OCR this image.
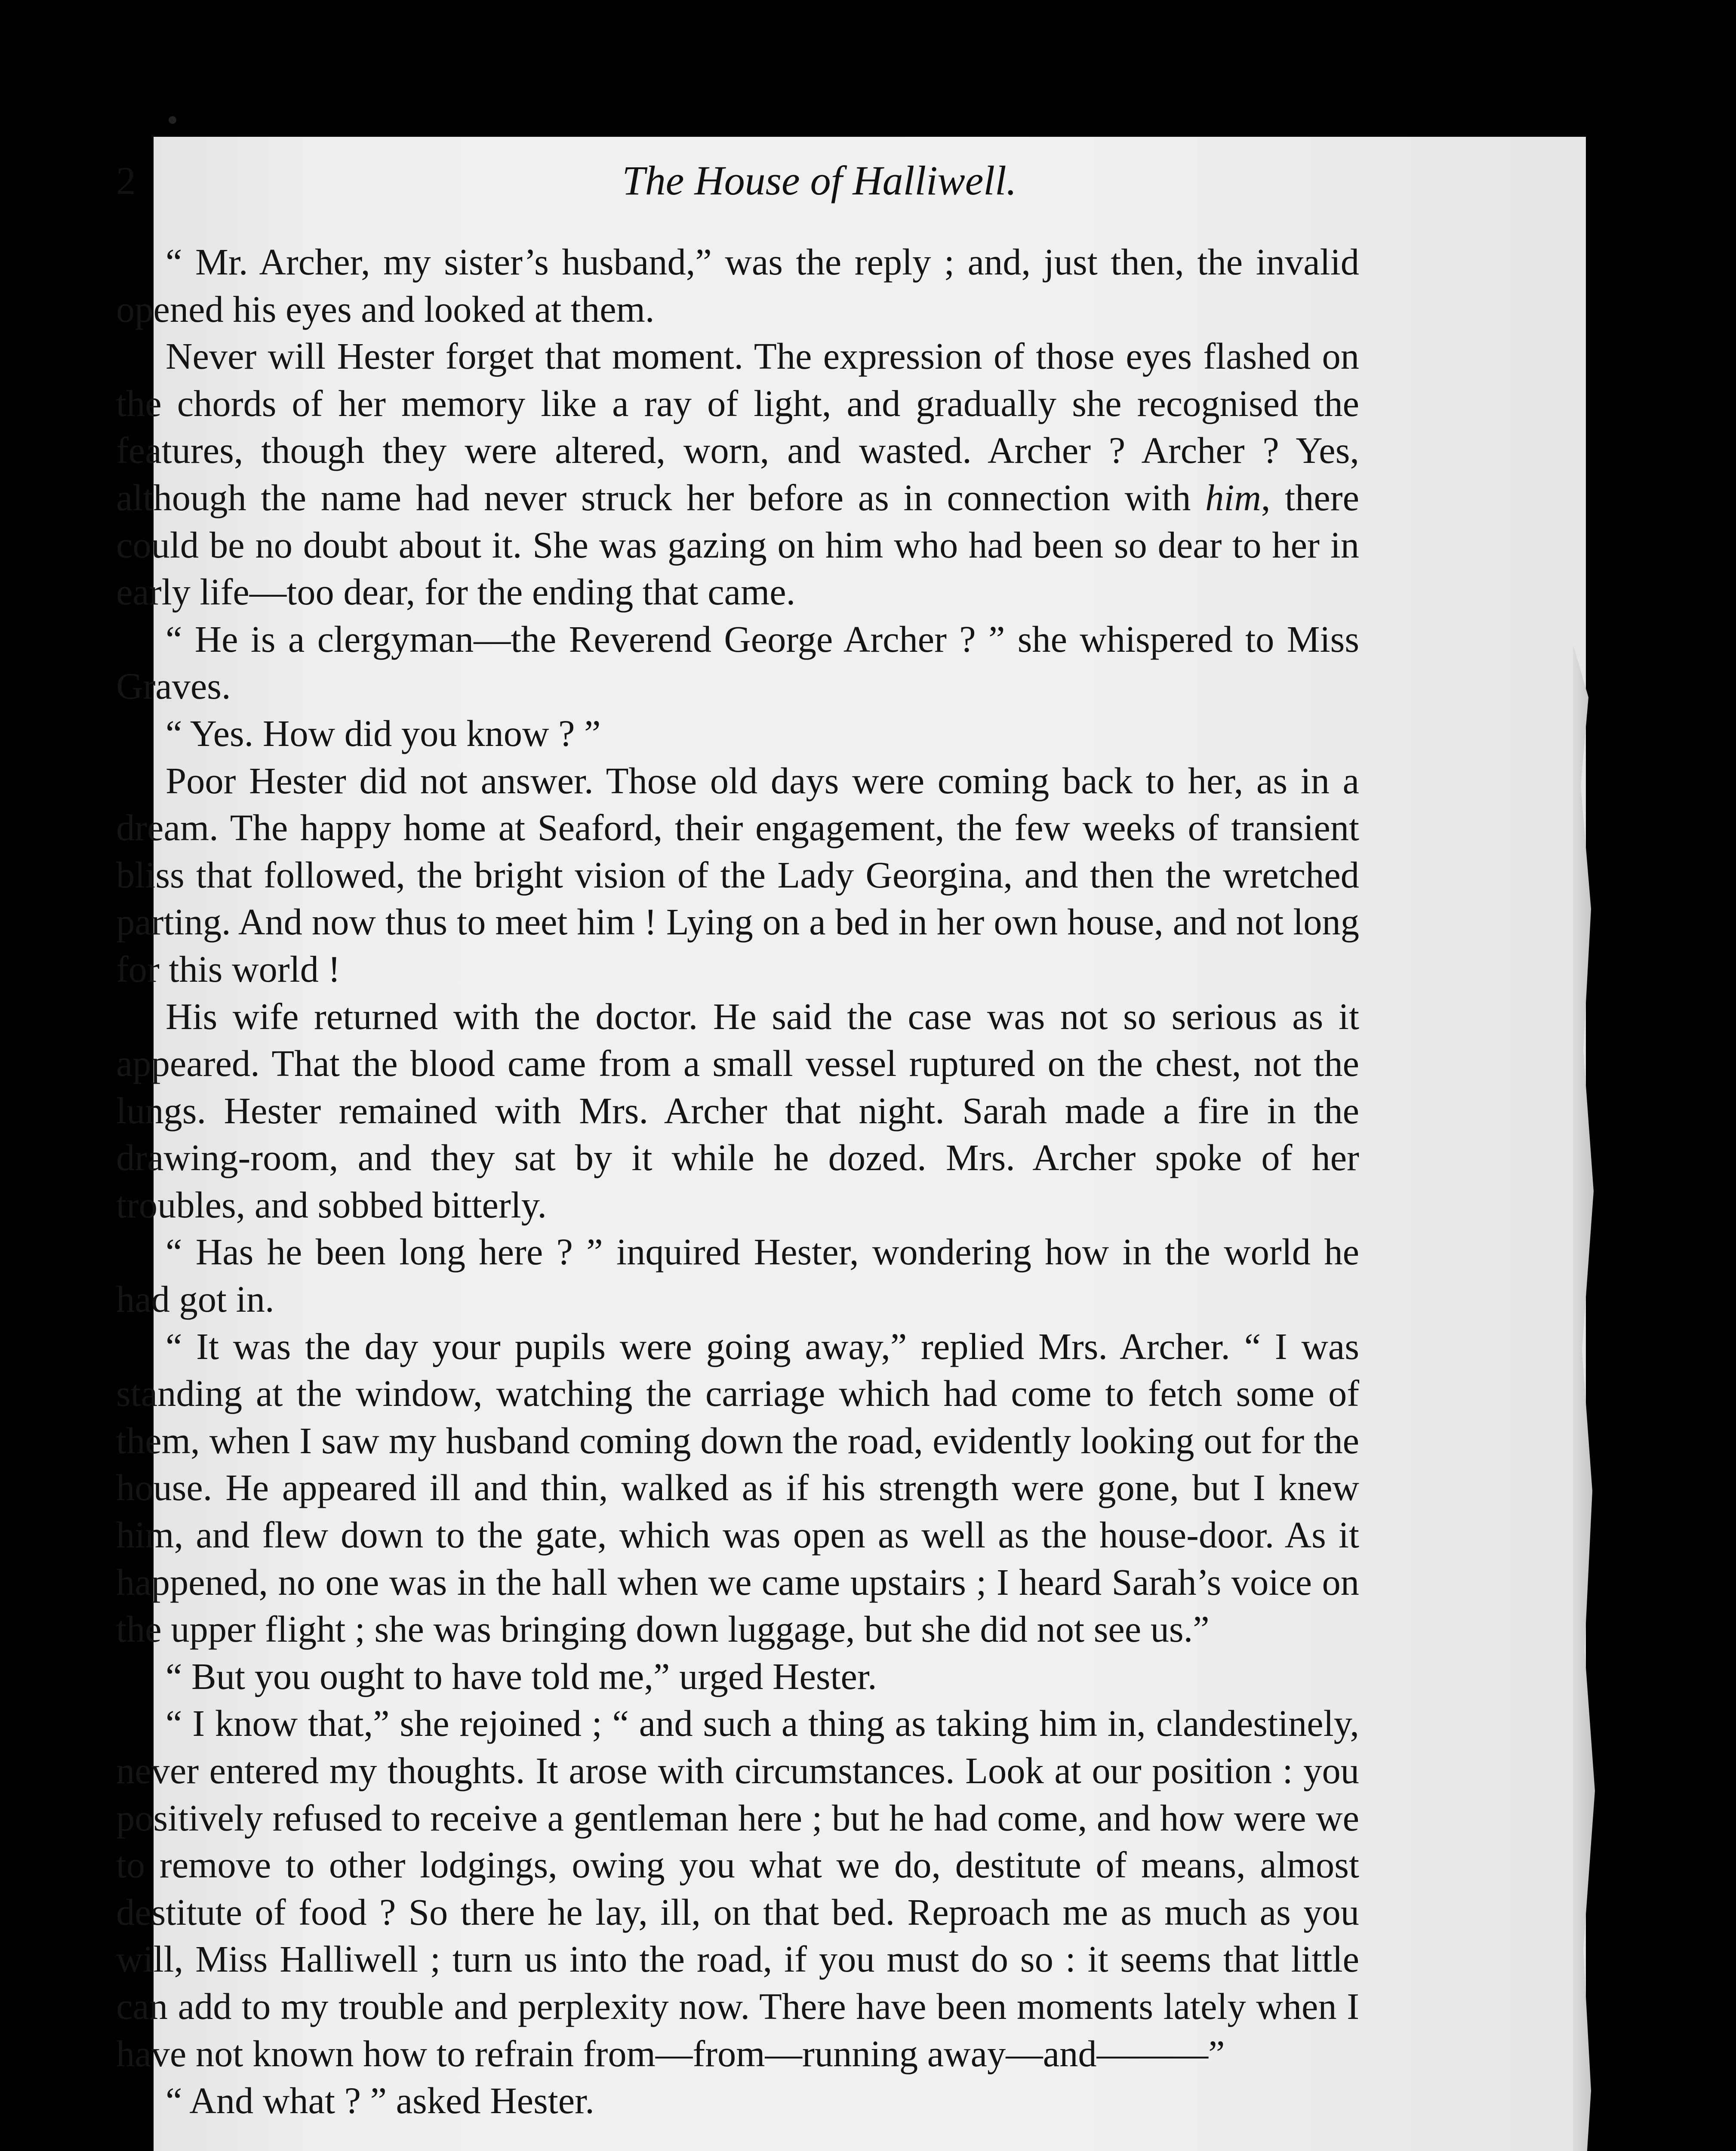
2	The House of Halliwell.

“ Mr. Archer, my sister’s husband,” was the reply ; and, just then, the invalid opened his eyes and looked at them.

Never will Hester forget that moment. The expression of those eyes flashed on the chords of her memory like a ray of light, and gradually she recognised the features, though they were altered, worn, and wasted. Archer ? Archer ? Yes, although the name had never struck her before as in connection with him, there could be no doubt about it. She was gazing on him who had been so dear to her in early life—too dear, for the ending that came.

“ He is a clergyman—the Reverend George Archer ? ” she whispered to Miss Graves.

“ Yes. How did you know ? ”

Poor Hester did not answer. Those old days were coming back to her, as in a dream. The happy home at Seaford, their engagement, the few weeks of transient bliss that followed, the bright vision of the Lady Georgina, and then the wretched parting. And now thus to meet him ! Lying on a bed in her own house, and not long for this world !

His wife returned with the doctor. He said the case was not so serious as it appeared. That the blood came from a small vessel ruptured on the chest, not the lungs. Hester remained with Mrs. Archer that night. Sarah made a fire in the drawing-room, and they sat by it while he dozed. Mrs. Archer spoke of her troubles, and sobbed bitterly.

“ Has he been long here ? ” inquired Hester, wondering how in the world he had got in.

“ It was the day your pupils were going away,” replied Mrs. Archer. “ I was standing at the window, watching the carriage which had come to fetch some of them, when I saw my husband coming down the road, evidently looking out for the house. He appeared ill and thin, walked as if his strength were gone, but I knew him, and flew down to the gate, which was open as well as the house-door. As it happened, no one was in the hall when we came upstairs ; I heard Sarah’s voice on the upper flight ; she was bringing down luggage, but she did not see us.”

“ But you ought to have told me,” urged Hester.

“ I know that,” she rejoined ; “ and such a thing as taking him in, clandestinely, never entered my thoughts. It arose with circumstances. Look at our position : you positively refused to receive a gentleman here ; but he had come, and how were we to remove to other lodgings, owing you what we do, destitute of means, almost destitute of food ? So there he lay, ill, on that bed. Reproach me as much as you will, Miss Halliwell ; turn us into the road, if you must do so : it seems that little can add to my trouble and perplexity now. There have been moments lately when I have not known how to refrain from—from—running away—and———”

“ And what ? ” asked Hester.
